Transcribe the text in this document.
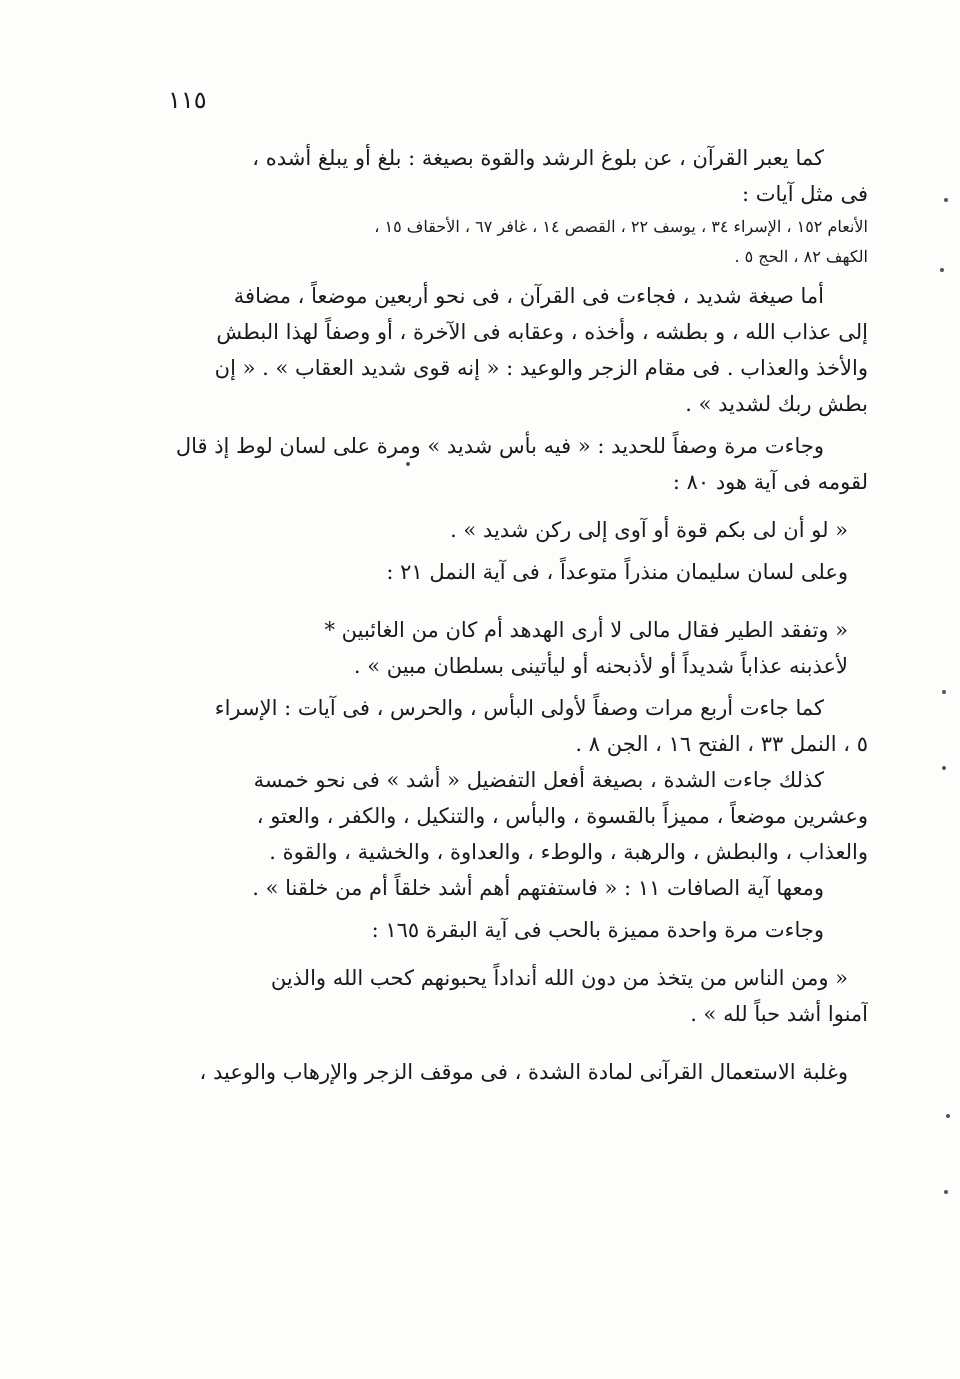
١١٥
كما يعبر القرآن ، عن بلوغ الرشد والقوة بصيغة : بلغ أو يبلغ أشده ،
فى مثل آيات :
الأنعام ١٥٢ ، الإسراء ٣٤ ، يوسف ٢٢ ، القصص ١٤ ، غافر ٦٧ ، الأحقاف ١٥ ،
الكهف ٨٢ ، الحج ٥ .
أما صيغة شديد ، فجاءت فى القرآن ، فى نحو أربعين موضعاً ، مضافة
إلى عذاب الله ، و بطشه ، وأخذه ، وعقابه فى الآخرة ، أو وصفاً لهذا البطش
والأخذ والعذاب . فى مقام الزجر والوعيد : « إنه قوى شديد العقاب » . « إن
بطش ربك لشديد » .
وجاءت مرة وصفاً للحديد : « فيه بأس شديد » ومرة على لسان لوط إذ قال
لقومه فى آية هود ٨٠ :
« لو أن لى بكم قوة أو آوى إلى ركن شديد » .
وعلى لسان سليمان منذراً متوعداً ، فى آية النمل ٢١ :
« وتفقد الطير فقال مالى لا أرى الهدهد أم كان من الغائبين *
لأعذبنه عذاباً شديداً أو لأذبحنه أو ليأتينى بسلطان مبين » .
كما جاءت أربع مرات وصفاً لأولى البأس ، والحرس ، فى آيات : الإسراء
٥ ، النمل ٣٣ ، الفتح ١٦ ، الجن ٨ .
كذلك جاءت الشدة ، بصيغة أفعل التفضيل « أشد » فى نحو خمسة
وعشرين موضعاً ، مميزاً بالقسوة ، والبأس ، والتنكيل ، والكفر ، والعتو ،
والعذاب ، والبطش ، والرهبة ، والوطء ، والعداوة ، والخشية ، والقوة .
ومعها آية الصافات ١١ : « فاستفتهم أهم أشد خلقاً أم من خلقنا » .
وجاءت مرة واحدة مميزة بالحب فى آية البقرة ١٦٥ :
« ومن الناس من يتخذ من دون الله أنداداً يحبونهم كحب الله والذين
آمنوا أشد حباً لله » .
وغلبة الاستعمال القرآنى لمادة الشدة ، فى موقف الزجر والإرهاب والوعيد ،
